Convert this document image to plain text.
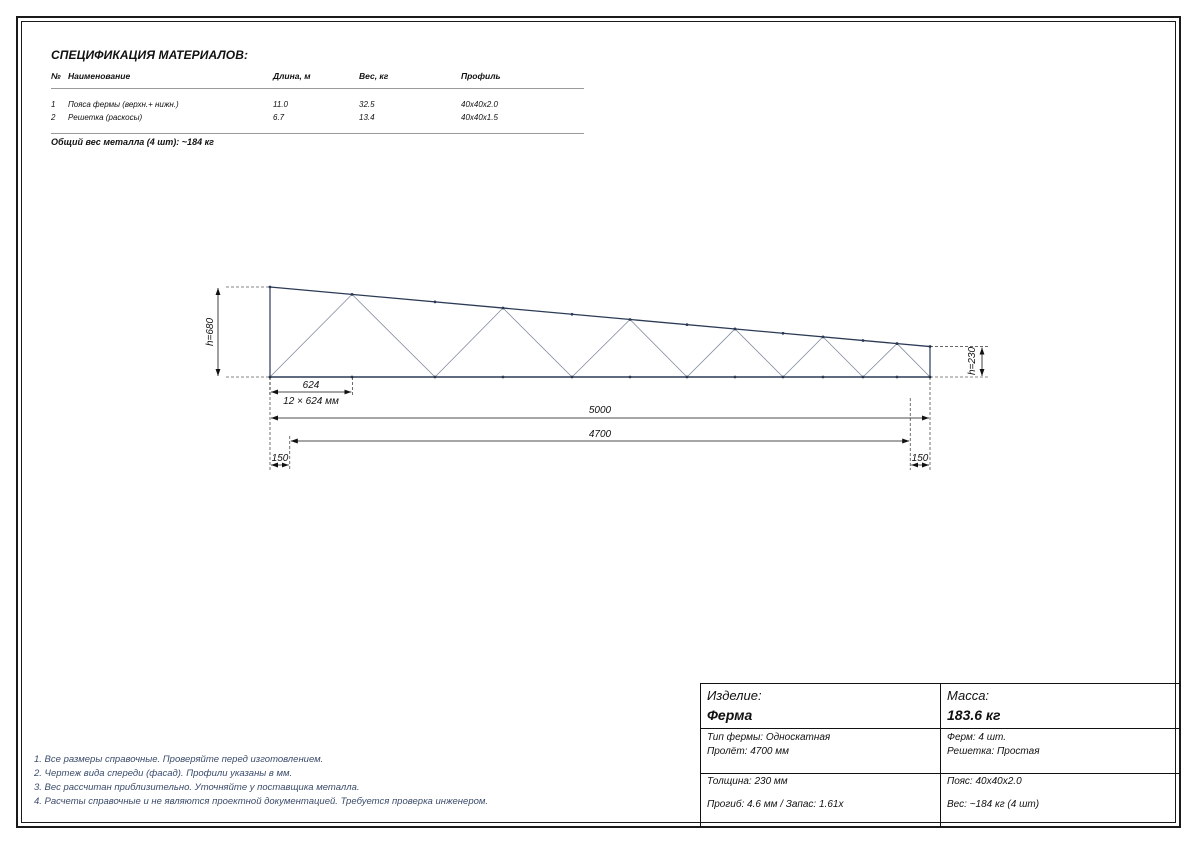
СПЕЦИФИКАЦИЯ МАТЕРИАЛОВ:
№	Наименование	Длина, м	Вес, кг	Профиль
1	Пояса фермы (верхн.+ нижн.)	11.0	32.5	40x40x2.0
2	Решетка (раскосы)	6.7	13.4	40x40x1.5
Общий вес металла (4 шт): ~184 кг
h=680
h=230
624
12 × 624 мм
5000
4700
150	150
1. Все размеры справочные. Проверяйте перед изготовлением.
2. Чертеж вида спереди (фасад). Профили указаны в мм.
3. Вес рассчитан приблизительно. Уточняйте у поставщика металла.
4. Расчеты справочные и не являются проектной документацией. Требуется проверка инженером.
Изделие:
Ферма
Масса:
183.6 кг
Тип фермы: Односкатная
Пролёт: 4700 мм
Ферм: 4 шт.
Решетка: Простая
Толщина: 230 мм
Прогиб: 4.6 мм / Запас: 1.61x
Пояс: 40x40x2.0
Вес: ~184 кг (4 шт)
